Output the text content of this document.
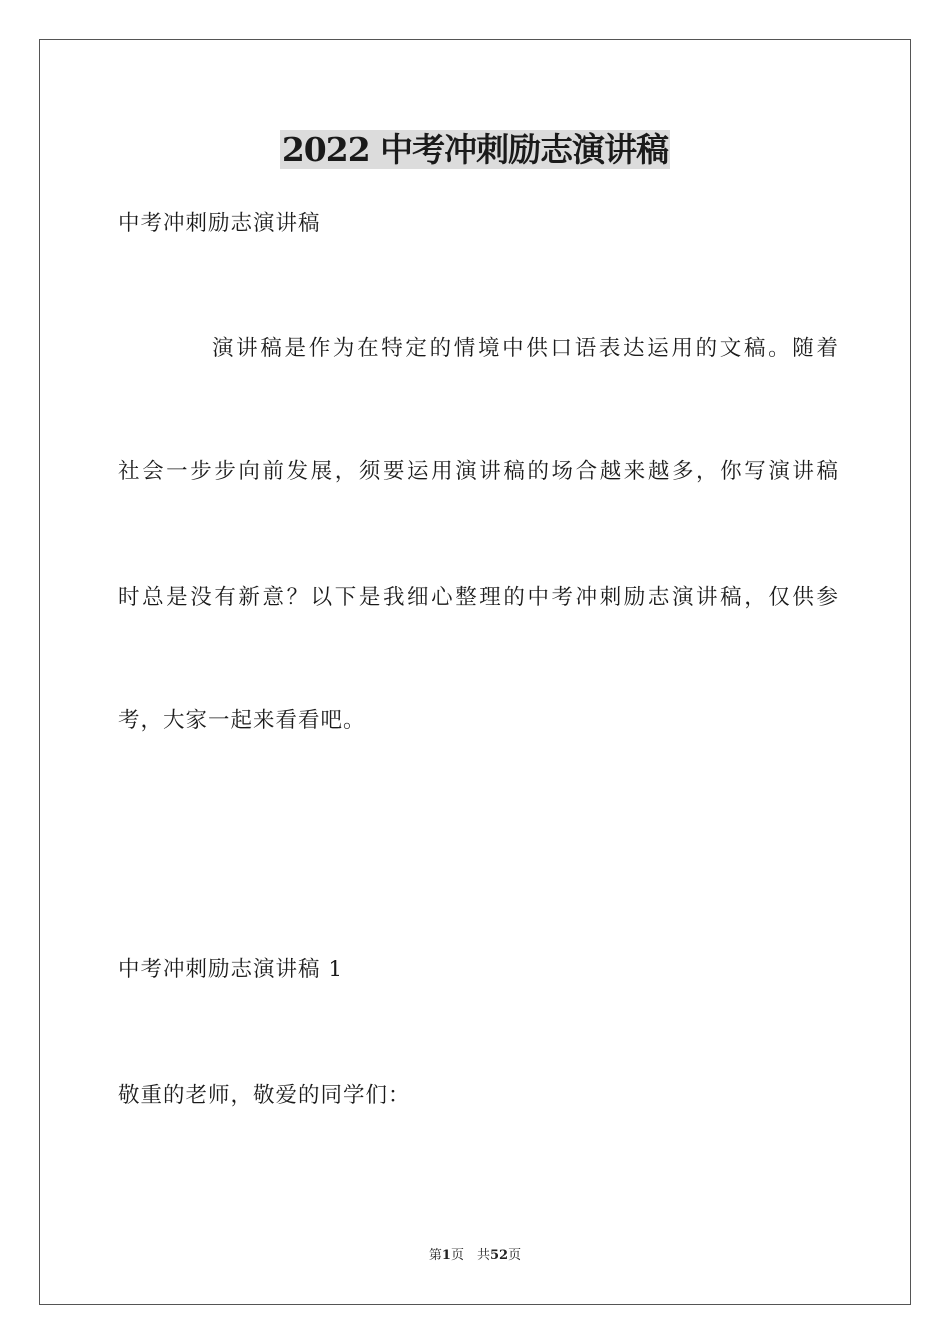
2022 中考冲刺励志演讲稿
中考冲刺励志演讲稿
演讲稿是作为在特定的情境中供口语表达运用的文稿。随着
社会一步步向前发展，须要运用演讲稿的场合越来越多，你写演讲稿
时总是没有新意？以下是我细心整理的中考冲刺励志演讲稿，仅供参
考，大家一起来看看吧。
中考冲刺励志演讲稿 1
敬重的老师，敬爱的同学们：
第1页　共52页
